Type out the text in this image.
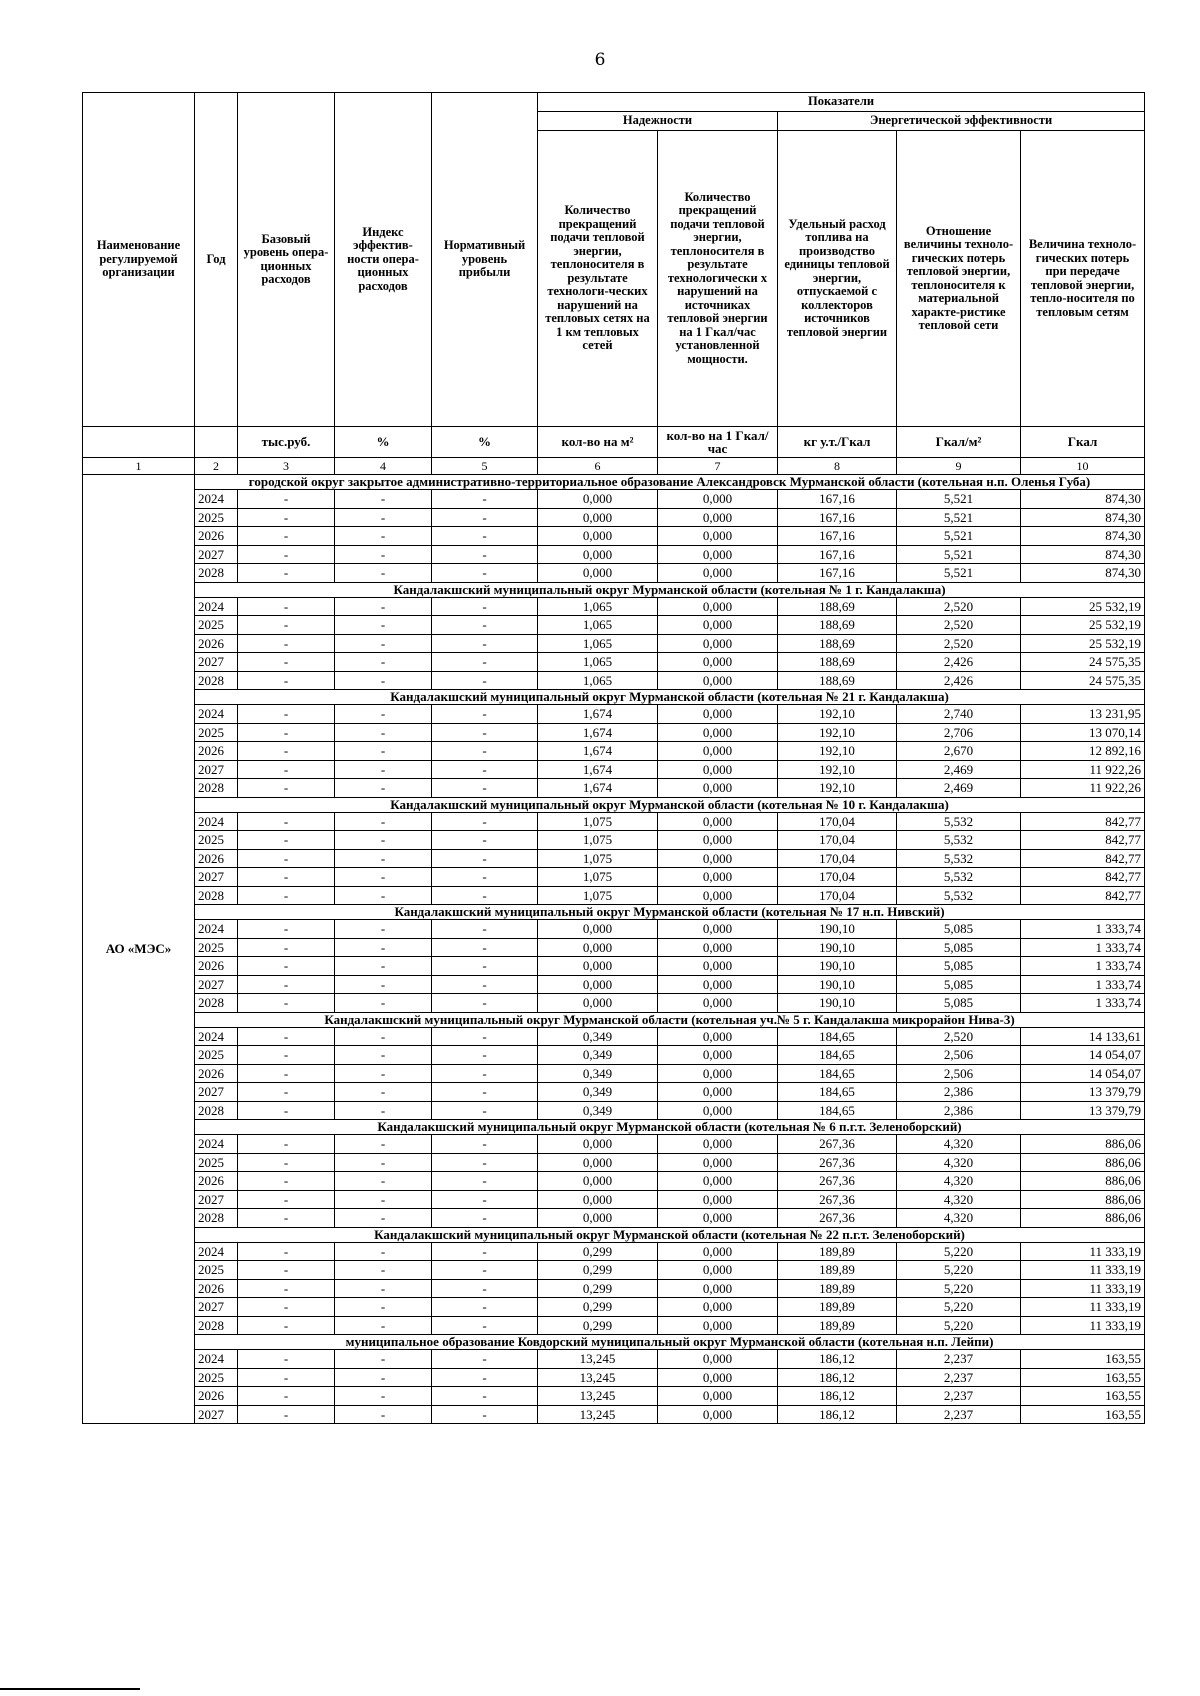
6
Наименование регулируемой организации	Год	Базовый уровень опера-ционных расходов	Индекс эффектив-ности опера-ционных расходов	Нормативный уровень прибыли	Показатели				
					Надежности		Энергетической эффективности		
					Количество прекращений подачи тепловой энергии, теплоносителя в результате технологи-ческих нарушений на тепловых сетях на 1 км тепловых сетей	Количество прекращений подачи тепловой энергии, теплоносителя в результате технологически х нарушений на источниках тепловой энергии на 1 Гкал/час установленной мощности.	Удельный расход топлива на производство единицы тепловой энергии, отпускаемой с коллекторов источников тепловой энергии	Отношение величины техноло-гических потерь тепловой энергии, теплоносителя к материальной характе-ристике тепловой сети	Величина техноло-гических потерь при передаче тепловой энергии, тепло-носителя по тепловым сетям
		тыс.руб.	%	%	кол-во на м²	кол-во на 1 Гкал/час	кг у.т./Гкал	Гкал/м²	Гкал
1	2	3	4	5	6	7	8	9	10
АО «МЭС»	городской округ закрытое административно-территориальное образование Александровск Мурманской области (котельная н.п. Оленья Губа)								
	2024	-	-	-	0,000	0,000	167,16	5,521	874,30
	2025	-	-	-	0,000	0,000	167,16	5,521	874,30
	2026	-	-	-	0,000	0,000	167,16	5,521	874,30
	2027	-	-	-	0,000	0,000	167,16	5,521	874,30
	2028	-	-	-	0,000	0,000	167,16	5,521	874,30
	Кандалакшский муниципальный округ Мурманской области (котельная № 1 г. Кандалакша)								
	2024	-	-	-	1,065	0,000	188,69	2,520	25 532,19
	2025	-	-	-	1,065	0,000	188,69	2,520	25 532,19
	2026	-	-	-	1,065	0,000	188,69	2,520	25 532,19
	2027	-	-	-	1,065	0,000	188,69	2,426	24 575,35
	2028	-	-	-	1,065	0,000	188,69	2,426	24 575,35
	Кандалакшский муниципальный округ Мурманской области (котельная № 21 г. Кандалакша)								
	2024	-	-	-	1,674	0,000	192,10	2,740	13 231,95
	2025	-	-	-	1,674	0,000	192,10	2,706	13 070,14
	2026	-	-	-	1,674	0,000	192,10	2,670	12 892,16
	2027	-	-	-	1,674	0,000	192,10	2,469	11 922,26
	2028	-	-	-	1,674	0,000	192,10	2,469	11 922,26
	Кандалакшский муниципальный округ Мурманской области (котельная № 10 г. Кандалакша)								
	2024	-	-	-	1,075	0,000	170,04	5,532	842,77
	2025	-	-	-	1,075	0,000	170,04	5,532	842,77
	2026	-	-	-	1,075	0,000	170,04	5,532	842,77
	2027	-	-	-	1,075	0,000	170,04	5,532	842,77
	2028	-	-	-	1,075	0,000	170,04	5,532	842,77
	Кандалакшский муниципальный округ Мурманской области (котельная № 17 н.п. Нивский)								
	2024	-	-	-	0,000	0,000	190,10	5,085	1 333,74
	2025	-	-	-	0,000	0,000	190,10	5,085	1 333,74
	2026	-	-	-	0,000	0,000	190,10	5,085	1 333,74
	2027	-	-	-	0,000	0,000	190,10	5,085	1 333,74
	2028	-	-	-	0,000	0,000	190,10	5,085	1 333,74
	Кандалакшский муниципальный округ Мурманской области (котельная уч.№ 5 г. Кандалакша микрорайон Нива-3)								
	2024	-	-	-	0,349	0,000	184,65	2,520	14 133,61
	2025	-	-	-	0,349	0,000	184,65	2,506	14 054,07
	2026	-	-	-	0,349	0,000	184,65	2,506	14 054,07
	2027	-	-	-	0,349	0,000	184,65	2,386	13 379,79
	2028	-	-	-	0,349	0,000	184,65	2,386	13 379,79
	Кандалакшский муниципальный округ Мурманской области (котельная № 6 п.г.т. Зеленоборский)								
	2024	-	-	-	0,000	0,000	267,36	4,320	886,06
	2025	-	-	-	0,000	0,000	267,36	4,320	886,06
	2026	-	-	-	0,000	0,000	267,36	4,320	886,06
	2027	-	-	-	0,000	0,000	267,36	4,320	886,06
	2028	-	-	-	0,000	0,000	267,36	4,320	886,06
	Кандалакшский муниципальный округ Мурманской области (котельная № 22 п.г.т. Зеленоборский)								
	2024	-	-	-	0,299	0,000	189,89	5,220	11 333,19
	2025	-	-	-	0,299	0,000	189,89	5,220	11 333,19
	2026	-	-	-	0,299	0,000	189,89	5,220	11 333,19
	2027	-	-	-	0,299	0,000	189,89	5,220	11 333,19
	2028	-	-	-	0,299	0,000	189,89	5,220	11 333,19
	муниципальное образование Ковдорский муниципальный округ Мурманской области (котельная н.п. Лейпи)								
	2024	-	-	-	13,245	0,000	186,12	2,237	163,55
	2025	-	-	-	13,245	0,000	186,12	2,237	163,55
	2026	-	-	-	13,245	0,000	186,12	2,237	163,55
	2027	-	-	-	13,245	0,000	186,12	2,237	163,55
